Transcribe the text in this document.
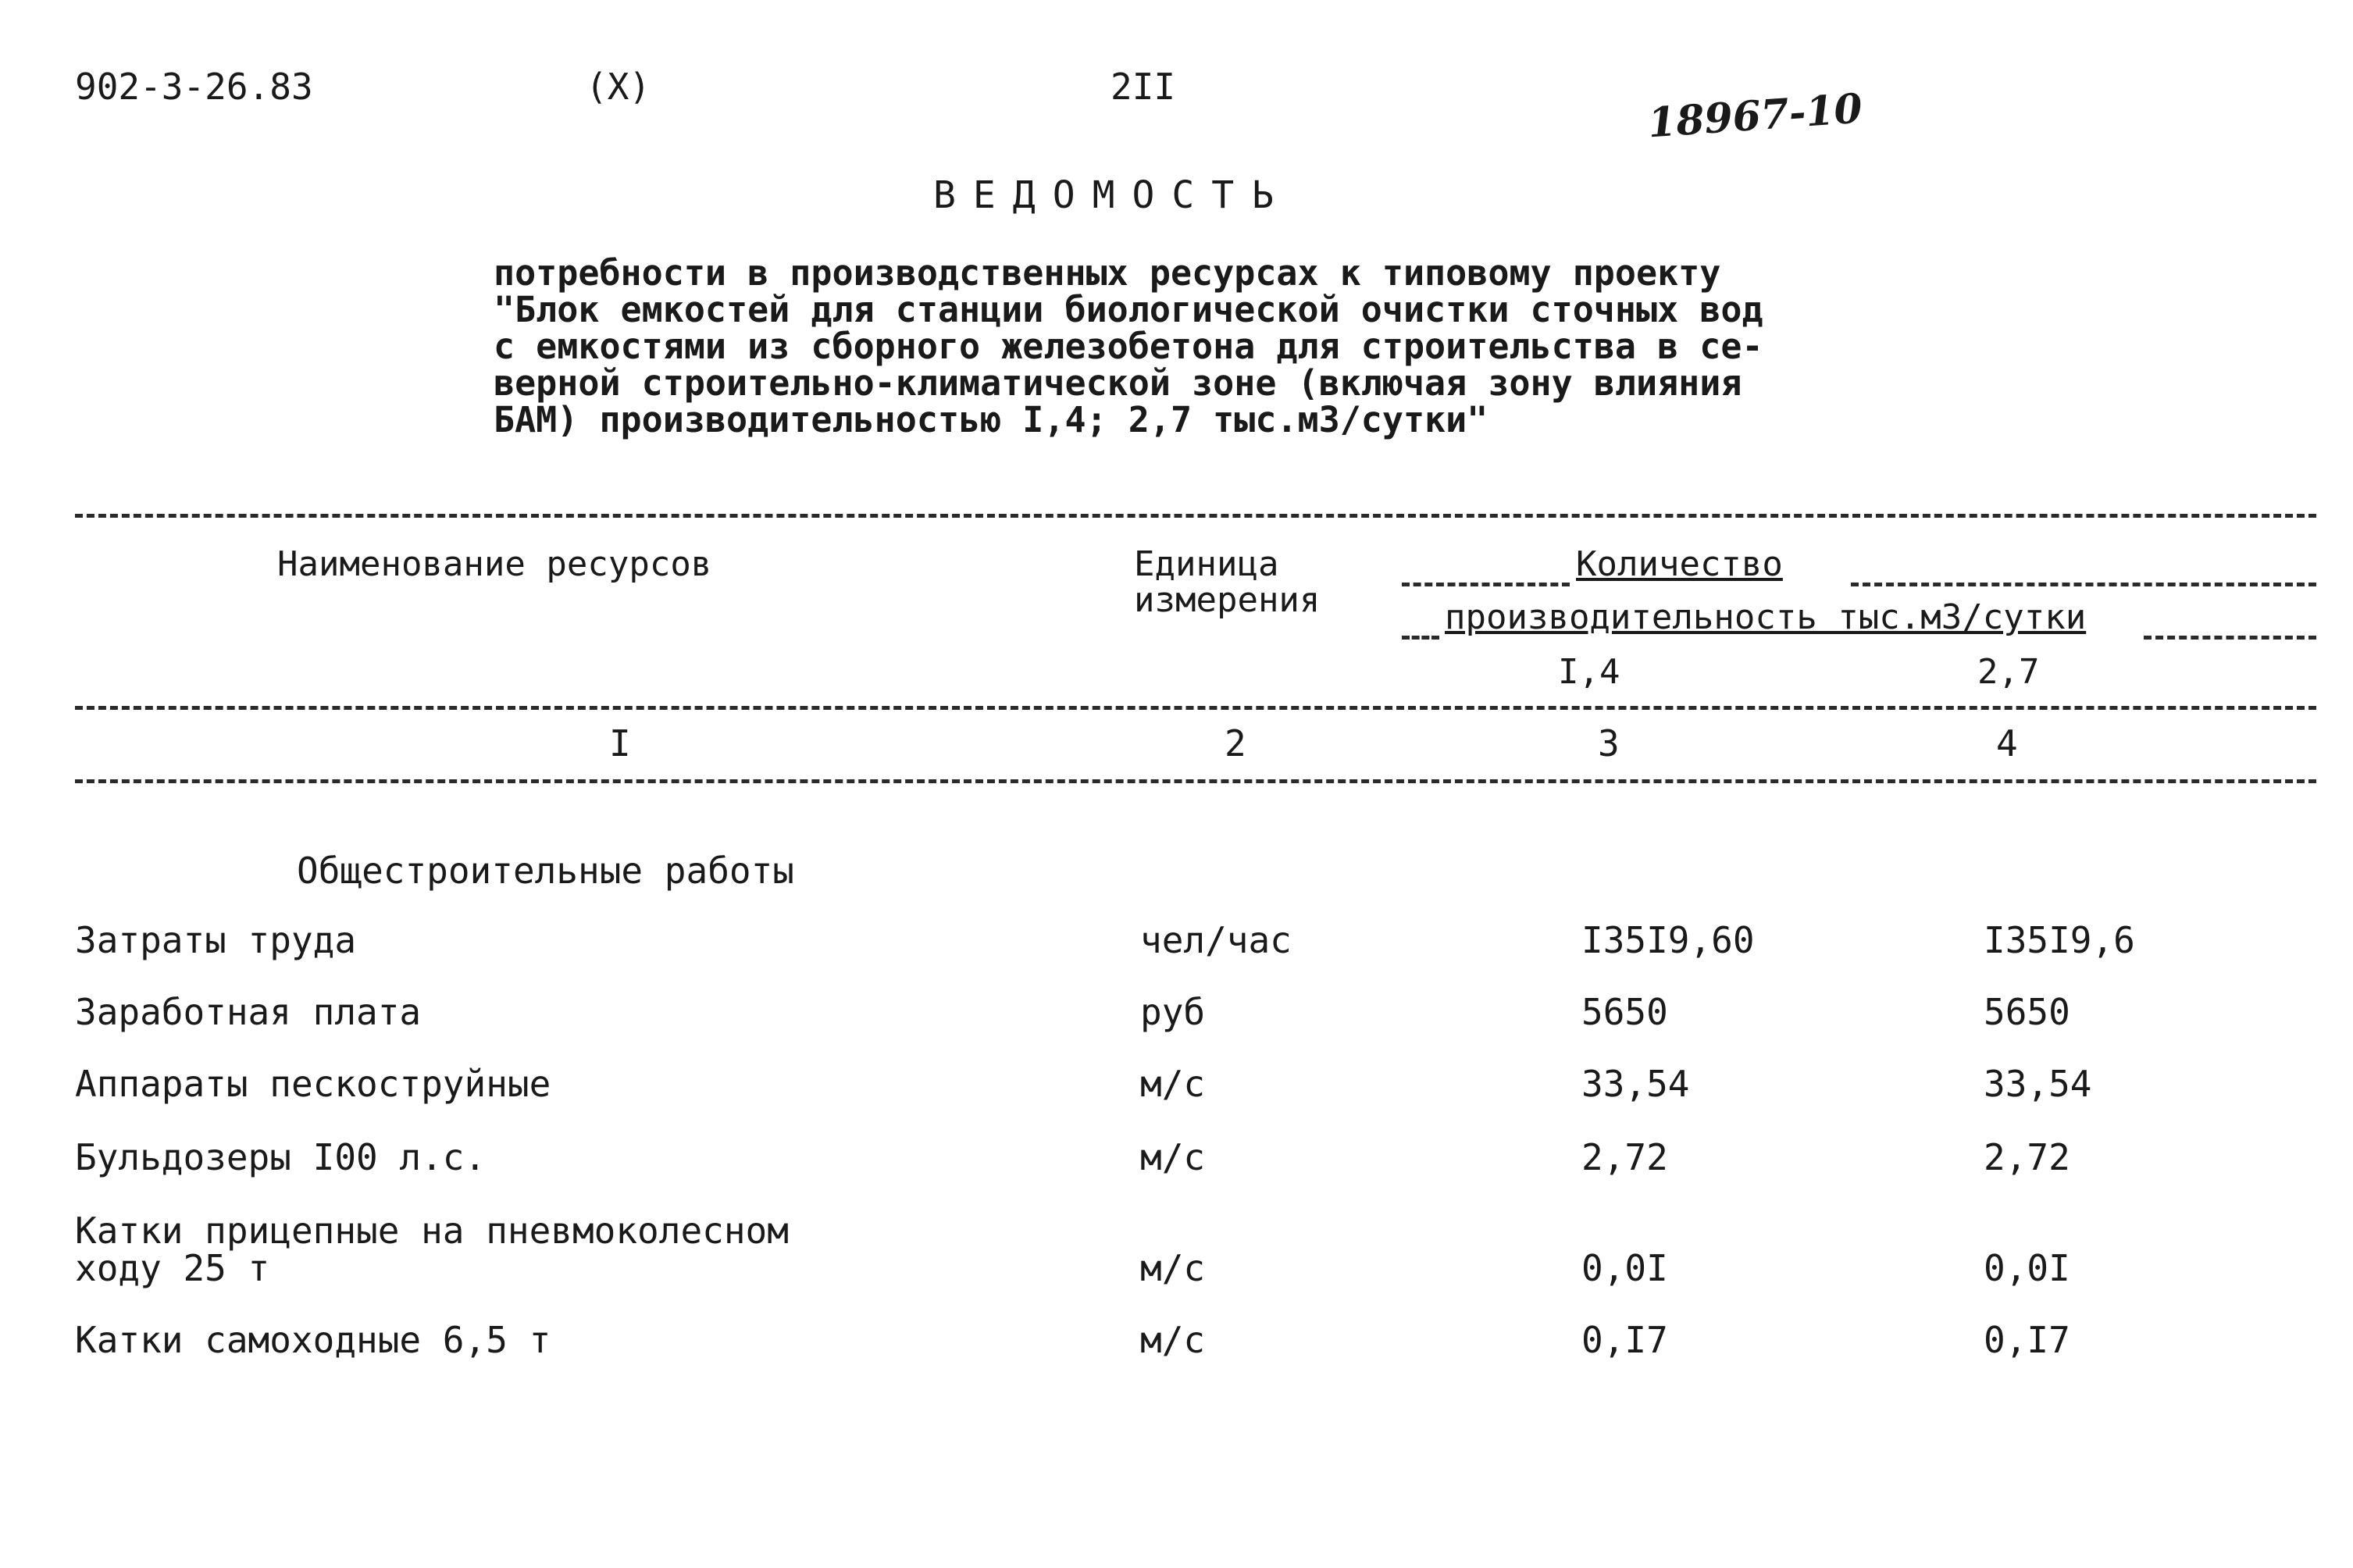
902-3-26.83	(X)	2II	18967-10
ВЕДОМОСТЬ
потребности в производственных ресурсах к типовому проекту
"Блок емкостей для станции биологической очистки сточных вод
с емкостями из сборного железобетона для строительства в се-
верной строительно-климатической зоне (включая зону влияния
БАМ) производительностью I,4; 2,7 тыс.м3/сутки"
Наименование ресурсов	Единица
измерения
Количество
производительность тыс.м3/сутки
I,4	2,7
I	2	3	4
Общестроительные работы
Затраты труда	чел/час	I35I9,60	I35I9,6
Заработная плата	руб	5650	5650
Аппараты пескоструйные	м/с	33,54	33,54
Бульдозеры I00 л.с.	м/с	2,72	2,72
Катки прицепные на пневмоколесном
ходу 25 т	м/с	0,0I	0,0I
Катки самоходные 6,5 т	м/с	0,I7	0,I7
